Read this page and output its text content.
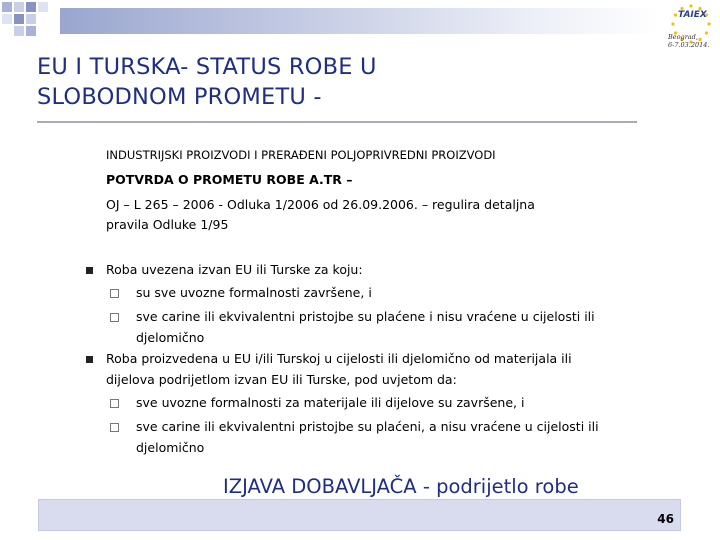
TAIEX
Beograd,
6-7.03.2014.
EU I TURSKA- STATUS ROBE U
SLOBODNOM PROMETU -
INDUSTRIJSKI PROIZVODI I PRERAĐENI POLJOPRIVREDNI PROIZVODI
POTVRDA O PROMETU ROBE A.TR –
OJ – L 265 – 2006 - Odluka 1/2006 od 26.09.2006. – regulira detaljna
pravila Odluke 1/95
Roba uvezena izvan EU ili Turske za koju:
su sve uvozne formalnosti završene, i
sve carine ili ekvivalentni pristojbe su plaćene i nisu vraćene u cijelosti ili
djelomično
Roba proizvedena u EU i/ili Turskoj u cijelosti ili djelomično od materijala ili
dijelova podrijetlom izvan EU ili Turske, pod uvjetom da:
sve uvozne formalnosti za materijale ili dijelove su završene, i
sve carine ili ekvivalentni pristojbe su plaćeni, a nisu vraćene u cijelosti ili
djelomično
IZJAVA DOBAVLJAČA - podrijetlo robe
46
